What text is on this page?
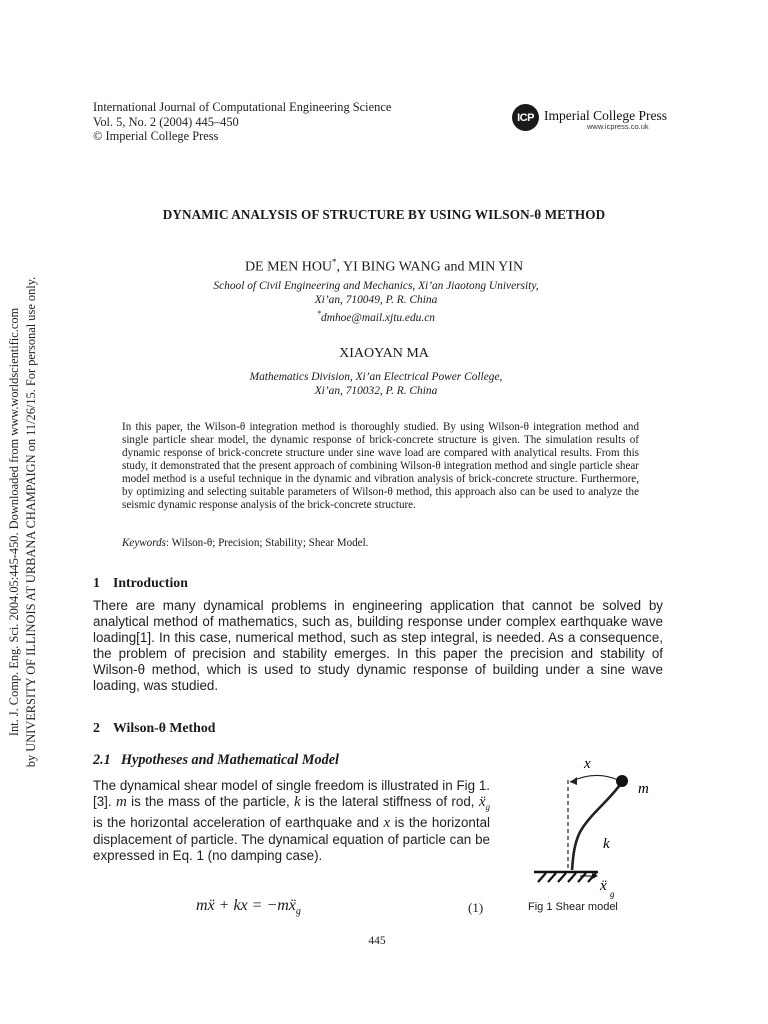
Int. J. Comp. Eng. Sci. 2004.05:445-450. Downloaded from www.worldscientific.com by UNIVERSITY OF ILLINOIS AT URBANA CHAMPAIGN on 11/26/15. For personal use only.
International Journal of Computational Engineering Science
Vol. 5, No. 2 (2004) 445–450
© Imperial College Press
ICP Imperial College Press
www.icpress.co.uk
DYNAMIC ANALYSIS OF STRUCTURE BY USING WILSON-θ METHOD
DE MEN HOU*, YI BING WANG and MIN YIN
School of Civil Engineering and Mechanics, Xi’an Jiaotong University,
Xi’an, 710049, P. R. China
*dmhoe@mail.xjtu.edu.cn
XIAOYAN MA
Mathematics Division, Xi’an Electrical Power College,
Xi’an, 710032, P. R. China
In this paper, the Wilson-θ integration method is thoroughly studied. By using Wilson-θ integration method and single particle shear model, the dynamic response of brick-concrete structure is given. The simulation results of dynamic response of brick-concrete structure under sine wave load are compared with analytical results. From this study, it demonstrated that the present approach of combining Wilson-θ integration method and single particle shear model method is a useful technique in the dynamic and vibration analysis of brick-concrete structure. Furthermore, by optimizing and selecting suitable parameters of Wilson-θ method, this approach also can be used to analyze the seismic dynamic response analysis of the brick-concrete structure.
Keywords: Wilson-θ; Precision; Stability; Shear Model.
1 Introduction
There are many dynamical problems in engineering application that cannot be solved by analytical method of mathematics, such as, building response under complex earthquake wave loading[1]. In this case, numerical method, such as step integral, is needed. As a consequence, the problem of precision and stability emerges. In this paper the precision and stability of Wilson-θ method, which is used to study dynamic response of building under a sine wave loading, was studied.
2 Wilson-θ Method
2.1 Hypotheses and Mathematical Model
The dynamical shear model of single freedom is illustrated in Fig 1.[3]. m is the mass of the particle, k is the lateral stiffness of rod, ẍ$_g$ is the horizontal acceleration of earthquake and x is the horizontal displacement of particle. The dynamical equation of particle can be expressed in Eq. 1 (no damping case).
mẍ + kx = −mẍ$_g$	(1)
x
m
k
ẍ g
Fig 1 Shear model
445
